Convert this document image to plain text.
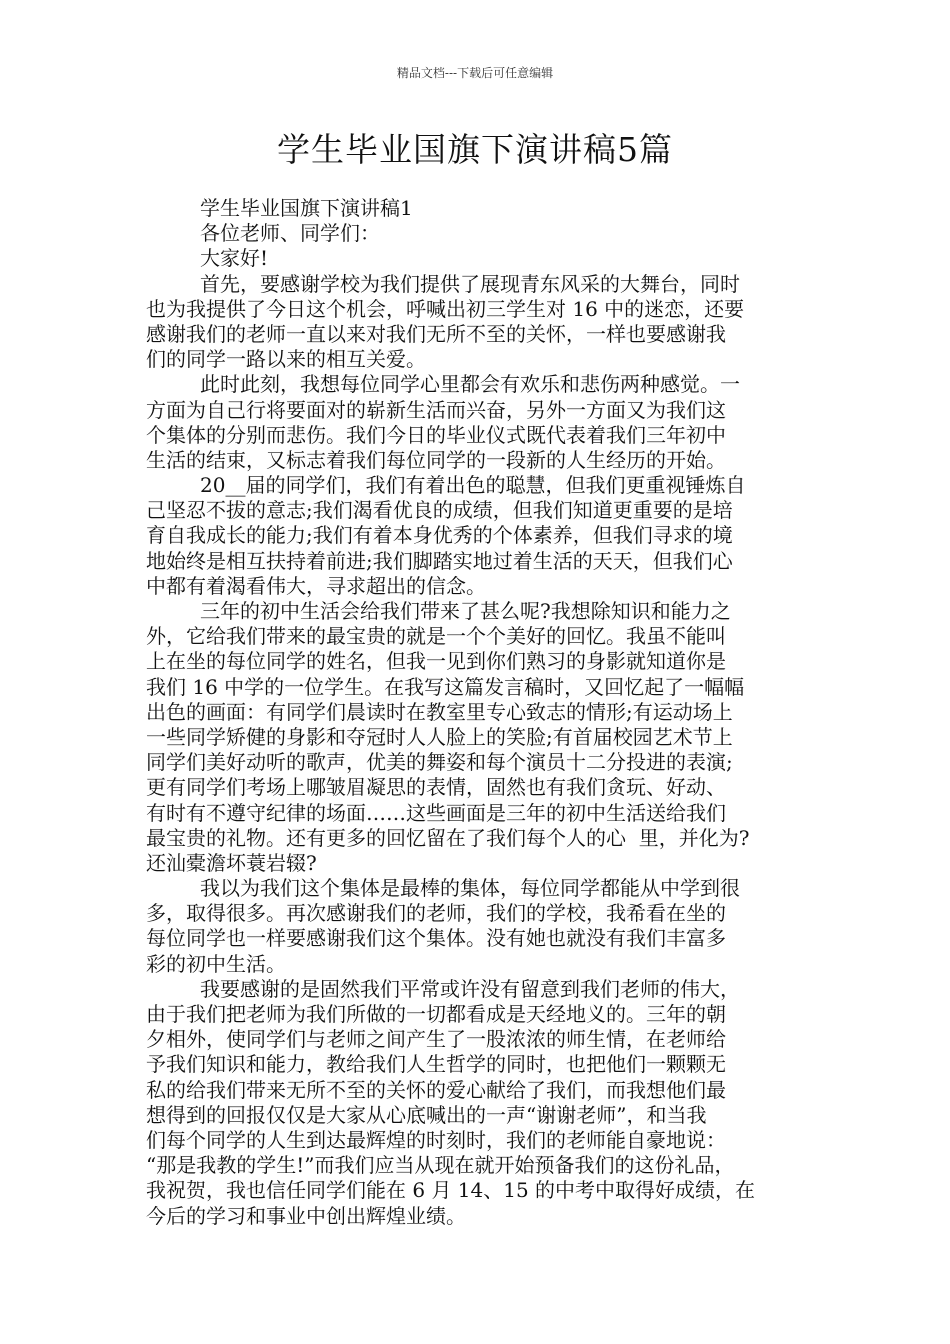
精品文档---下载后可任意编辑
学生毕业国旗下演讲稿5篇
学生毕业国旗下演讲稿1
各位老师、同学们：
大家好!
首先，要感谢学校为我们提供了展现青东风采的大舞台，同时
也为我提供了今日这个机会，呼喊出初三学生对 16 中的迷恋，还要
感谢我们的老师一直以来对我们无所不至的关怀，一样也要感谢我
们的同学一路以来的相互关爱。
此时此刻，我想每位同学心里都会有欢乐和悲伤两种感觉。一
方面为自己行将要面对的崭新生活而兴奋，另外一方面又为我们这
个集体的分别而悲伤。我们今日的毕业仪式既代表着我们三年初中
生活的结束，又标志着我们每位同学的一段新的人生经历的开始。
20__届的同学们，我们有着出色的聪慧，但我们更重视锤炼自
己坚忍不拔的意志;我们渴看优良的成绩，但我们知道更重要的是培
育自我成长的能力;我们有着本身优秀的个体素养，但我们寻求的境
地始终是相互扶持着前进;我们脚踏实地过着生活的天天，但我们心
中都有着渴看伟大，寻求超出的信念。
三年的初中生活会给我们带来了甚么呢?我想除知识和能力之
外，它给我们带来的最宝贵的就是一个个美好的回忆。我虽不能叫
上在坐的每位同学的姓名，但我一见到你们熟习的身影就知道你是
我们 16 中学的一位学生。在我写这篇发言稿时，又回忆起了一幅幅
出色的画面：有同学们晨读时在教室里专心致志的情形;有运动场上
一些同学矫健的身影和夺冠时人人脸上的笑脸;有首届校园艺术节上
同学们美好动听的歌声，优美的舞姿和每个演员十二分投进的表演;
更有同学们考场上哪皱眉凝思的表情，固然也有我们贪玩、好动、
有时有不遵守纪律的场面……这些画面是三年的初中生活送给我们
最宝贵的礼物。还有更多的回忆留在了我们每个人的心  里，并化为?
还汕橐澹坏蓑岩辍?
我以为我们这个集体是最棒的集体，每位同学都能从中学到很
多，取得很多。再次感谢我们的老师，我们的学校，我希看在坐的
每位同学也一样要感谢我们这个集体。没有她也就没有我们丰富多
彩的初中生活。
我要感谢的是固然我们平常或许没有留意到我们老师的伟大，
由于我们把老师为我们所做的一切都看成是天经地义的。三年的朝
夕相外，使同学们与老师之间产生了一股浓浓的师生情，在老师给
予我们知识和能力，教给我们人生哲学的同时，也把他们一颗颗无
私的给我们带来无所不至的关怀的爱心献给了我们，而我想他们最
想得到的回报仅仅是大家从心底喊出的一声“谢谢老师”，和当我
们每个同学的人生到达最辉煌的时刻时，我们的老师能自豪地说：
“那是我教的学生!”而我们应当从现在就开始预备我们的这份礼品，
我祝贺，我也信任同学们能在 6 月 14、15 的中考中取得好成绩，在
今后的学习和事业中创出辉煌业绩。
